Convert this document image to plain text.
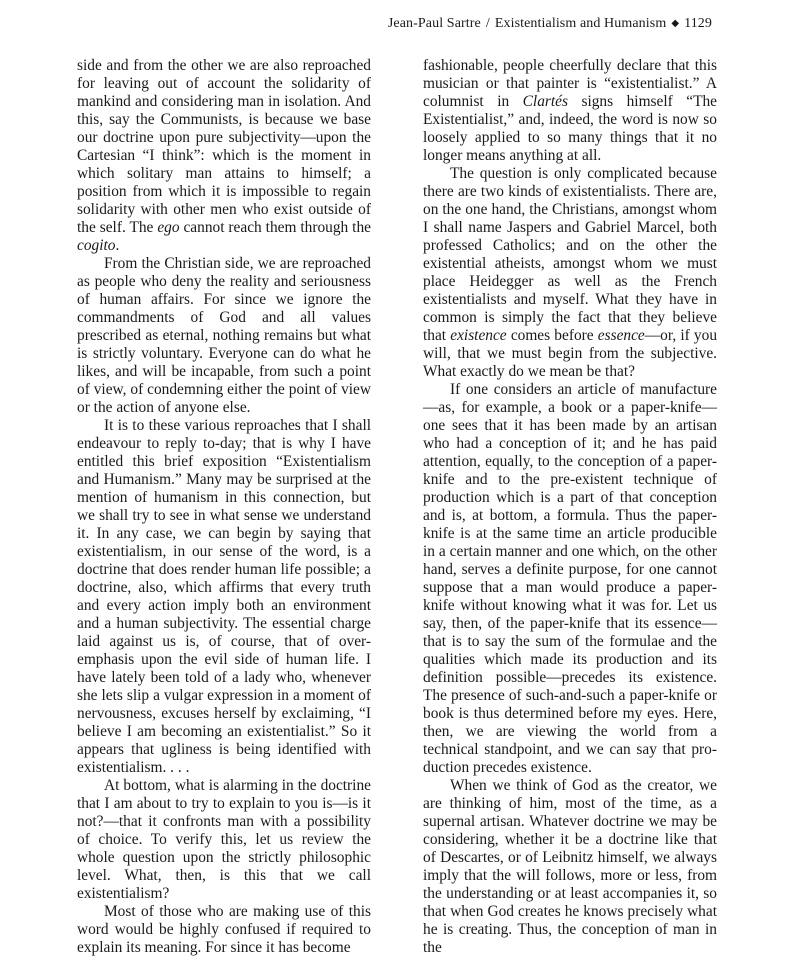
Jean-Paul Sartre / Existentialism and Humanism ◆ 1129

side and from the other we are also reproached for leaving out of account the solidarity of mankind and considering man in isolation. And this, say the Communists, is because we base our doctrine upon pure subjectivity—upon the Cartesian “I think”: which is the moment in which solitary man attains to himself; a position from which it is impossible to regain solidarity with other men who exist outside of the self. The ego cannot reach them through the cogito.

From the Christian side, we are reproached as people who deny the reality and seriousness of human affairs. For since we ignore the commandments of God and all values prescribed as eternal, nothing remains but what is strictly voluntary. Everyone can do what he likes, and will be incapable, from such a point of view, of condemning either the point of view or the action of anyone else.

It is to these various reproaches that I shall endeavour to reply to-day; that is why I have entitled this brief exposition “Existentialism and Humanism.” Many may be surprised at the mention of humanism in this connection, but we shall try to see in what sense we understand it. In any case, we can begin by saying that existentialism, in our sense of the word, is a doctrine that does render human life possible; a doctrine, also, which affirms that every truth and every action imply both an environment and a human subjectivity. The essential charge laid against us is, of course, that of over-emphasis upon the evil side of human life. I have lately been told of a lady who, whenever she lets slip a vulgar expression in a moment of nervousness, excuses herself by exclaiming, “I believe I am becoming an existentialist.” So it appears that ugliness is being identified with existentialism. . . .

At bottom, what is alarming in the doctrine that I am about to try to explain to you is—is it not?—that it confronts man with a possibility of choice. To verify this, let us review the whole question upon the strictly philosophic level. What, then, is this that we call existentialism?

Most of those who are making use of this word would be highly confused if required to explain its meaning. For since it has become

fashionable, people cheerfully declare that this musician or that painter is “existentialist.” A columnist in Clartés signs himself “The Existentialist,” and, indeed, the word is now so loosely applied to so many things that it no longer means anything at all.

The question is only complicated because there are two kinds of existentialists. There are, on the one hand, the Christians, amongst whom I shall name Jaspers and Gabriel Marcel, both professed Catholics; and on the other the existential atheists, amongst whom we must place Heidegger as well as the French existentialists and myself. What they have in common is simply the fact that they believe that existence comes before essence—or, if you will, that we must begin from the subjective. What exactly do we mean be that?

If one considers an article of manufacture—as, for example, a book or a paper-knife—one sees that it has been made by an artisan who had a conception of it; and he has paid attention, equally, to the conception of a paper-knife and to the pre-existent technique of production which is a part of that conception and is, at bottom, a formula. Thus the paper-knife is at the same time an article producible in a certain manner and one which, on the other hand, serves a definite purpose, for one cannot suppose that a man would produce a paper-knife without knowing what it was for. Let us say, then, of the paper-knife that its essence—that is to say the sum of the formulae and the qualities which made its production and its definition possible—precedes its existence. The presence of such-and-such a paper-knife or book is thus determined before my eyes. Here, then, we are viewing the world from a technical standpoint, and we can say that production precedes existence.

When we think of God as the creator, we are thinking of him, most of the time, as a supernal artisan. Whatever doctrine we may be considering, whether it be a doctrine like that of Descartes, or of Leibnitz himself, we always imply that the will follows, more or less, from the understanding or at least accompanies it, so that when God creates he knows precisely what he is creating. Thus, the conception of man in the
